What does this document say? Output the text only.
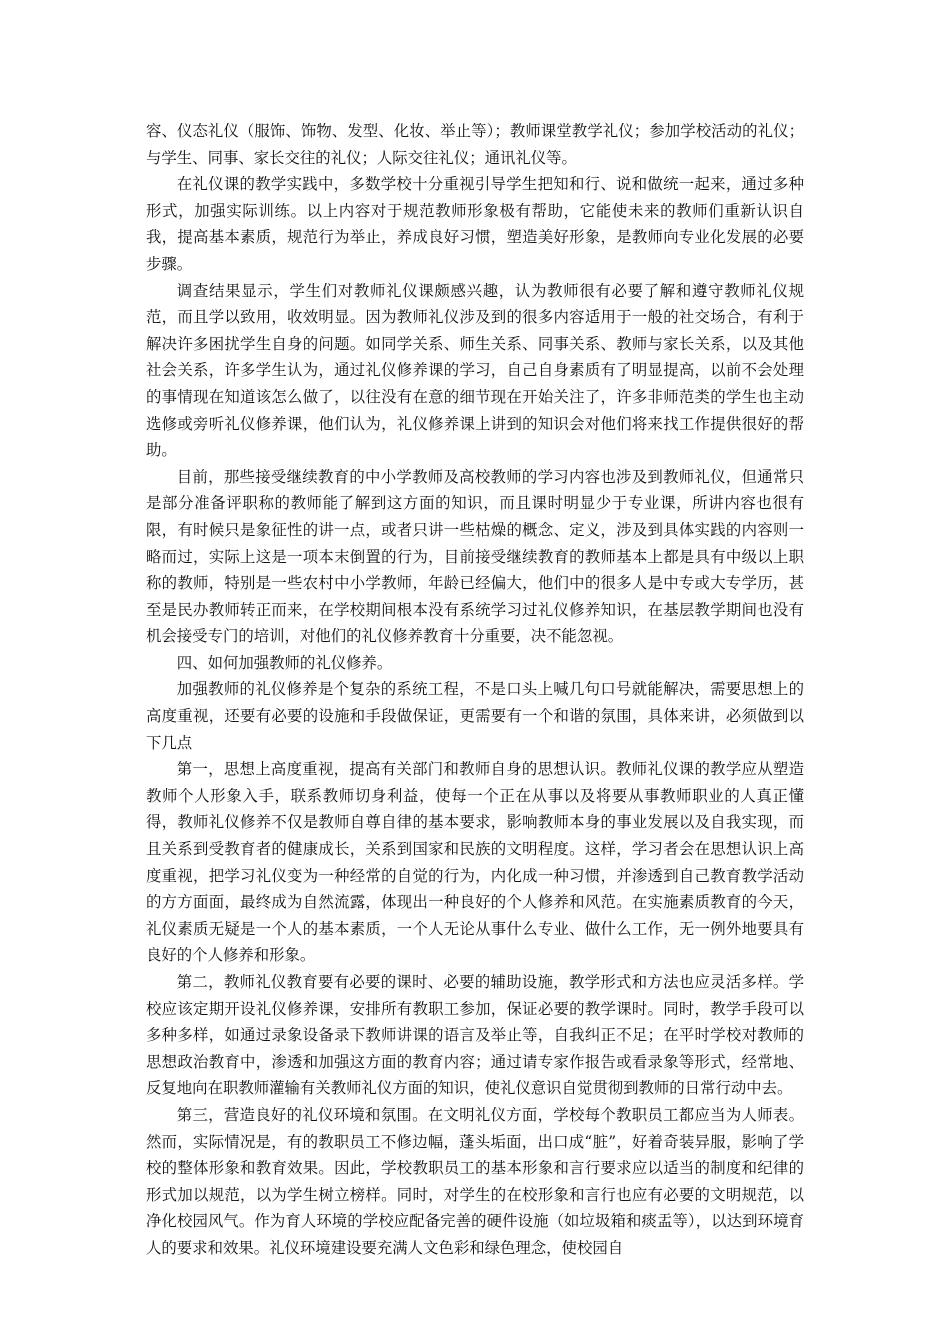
容、仪态礼仪（服饰、饰物、发型、化妆、举止等）；教师课堂教学礼仪；参加学校活动的礼仪；与学生、同事、家长交往的礼仪；人际交往礼仪；通讯礼仪等。

在礼仪课的教学实践中，多数学校十分重视引导学生把知和行、说和做统一起来，通过多种形式，加强实际训练。以上内容对于规范教师形象极有帮助，它能使未来的教师们重新认识自我，提高基本素质，规范行为举止，养成良好习惯，塑造美好形象，是教师向专业化发展的必要步骤。

调查结果显示，学生们对教师礼仪课颇感兴趣，认为教师很有必要了解和遵守教师礼仪规范，而且学以致用，收效明显。因为教师礼仪涉及到的很多内容适用于一般的社交场合，有利于解决许多困扰学生自身的问题。如同学关系、师生关系、同事关系、教师与家长关系，以及其他社会关系，许多学生认为，通过礼仪修养课的学习，自己自身素质有了明显提高，以前不会处理的事情现在知道该怎么做了，以往没有在意的细节现在开始关注了，许多非师范类的学生也主动选修或旁听礼仪修养课，他们认为，礼仪修养课上讲到的知识会对他们将来找工作提供很好的帮助。

目前，那些接受继续教育的中小学教师及高校教师的学习内容也涉及到教师礼仪，但通常只是部分准备评职称的教师能了解到这方面的知识，而且课时明显少于专业课，所讲内容也很有限，有时候只是象征性的讲一点，或者只讲一些枯燥的概念、定义，涉及到具体实践的内容则一略而过，实际上这是一项本末倒置的行为，目前接受继续教育的教师基本上都是具有中级以上职称的教师，特别是一些农村中小学教师，年龄已经偏大，他们中的很多人是中专或大专学历，甚至是民办教师转正而来，在学校期间根本没有系统学习过礼仪修养知识，在基层教学期间也没有机会接受专门的培训，对他们的礼仪修养教育十分重要，决不能忽视。

四、如何加强教师的礼仪修养。

加强教师的礼仪修养是个复杂的系统工程，不是口头上喊几句口号就能解决，需要思想上的高度重视，还要有必要的设施和手段做保证，更需要有一个和谐的氛围，具体来讲，必须做到以下几点

第一，思想上高度重视，提高有关部门和教师自身的思想认识。教师礼仪课的教学应从塑造教师个人形象入手，联系教师切身利益，使每一个正在从事以及将要从事教师职业的人真正懂得，教师礼仪修养不仅是教师自尊自律的基本要求，影响教师本身的事业发展以及自我实现，而且关系到受教育者的健康成长，关系到国家和民族的文明程度。这样，学习者会在思想认识上高度重视，把学习礼仪变为一种经常的自觉的行为，内化成一种习惯，并渗透到自己教育教学活动的方方面面，最终成为自然流露，体现出一种良好的个人修养和风范。在实施素质教育的今天，礼仪素质无疑是一个人的基本素质，一个人无论从事什么专业、做什么工作，无一例外地要具有良好的个人修养和形象。

第二，教师礼仪教育要有必要的课时、必要的辅助设施，教学形式和方法也应灵活多样。学校应该定期开设礼仪修养课，安排所有教职工参加，保证必要的教学课时。同时，教学手段可以多种多样，如通过录象设备录下教师讲课的语言及举止等，自我纠正不足；在平时学校对教师的思想政治教育中，渗透和加强这方面的教育内容；通过请专家作报告或看录象等形式，经常地、反复地向在职教师灌输有关教师礼仪方面的知识，使礼仪意识自觉贯彻到教师的日常行动中去。

第三，营造良好的礼仪环境和氛围。在文明礼仪方面，学校每个教职员工都应当为人师表。然而，实际情况是，有的教职员工不修边幅，蓬头垢面，出口成“脏”，好着奇装异服，影响了学校的整体形象和教育效果。因此，学校教职员工的基本形象和言行要求应以适当的制度和纪律的形式加以规范，以为学生树立榜样。同时，对学生的在校形象和言行也应有必要的文明规范，以净化校园风气。作为育人环境的学校应配备完善的硬件设施（如垃圾箱和痰盂等），以达到环境育人的要求和效果。礼仪环境建设要充满人文色彩和绿色理念，使校园自
